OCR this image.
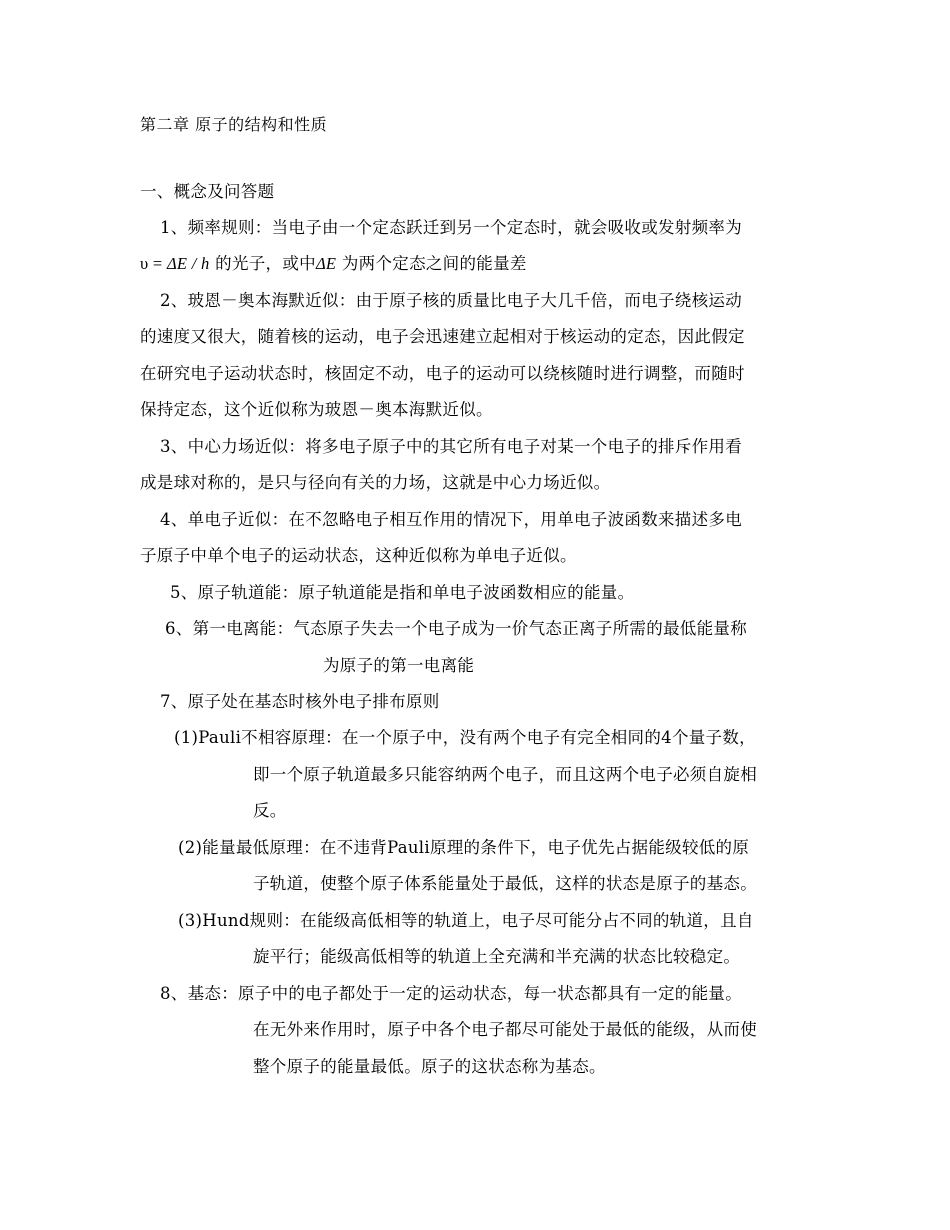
第二章 原子的结构和性质
一、概念及问答题
1、频率规则：当电子由一个定态跃迁到另一个定态时，就会吸收或发射频率为
υ = ΔE / h 的光子，或中ΔE 为两个定态之间的能量差
2、玻恩－奥本海默近似：由于原子核的质量比电子大几千倍，而电子绕核运动
的速度又很大，随着核的运动，电子会迅速建立起相对于核运动的定态，因此假定
在研究电子运动状态时，核固定不动，电子的运动可以绕核随时进行调整，而随时
保持定态，这个近似称为玻恩－奥本海默近似。
3、中心力场近似：将多电子原子中的其它所有电子对某一个电子的排斥作用看
成是球对称的，是只与径向有关的力场，这就是中心力场近似。
4、单电子近似：在不忽略电子相互作用的情况下，用单电子波函数来描述多电
子原子中单个电子的运动状态，这种近似称为单电子近似。
5、原子轨道能：原子轨道能是指和单电子波函数相应的能量。
6、第一电离能：气态原子失去一个电子成为一价气态正离子所需的最低能量称
为原子的第一电离能
7、原子处在基态时核外电子排布原则
(1)Pauli不相容原理：在一个原子中，没有两个电子有完全相同的4个量子数，
即一个原子轨道最多只能容纳两个电子，而且这两个电子必须自旋相
反。
(2)能量最低原理：在不违背Pauli原理的条件下，电子优先占据能级较低的原
子轨道，使整个原子体系能量处于最低，这样的状态是原子的基态。
(3)Hund规则：在能级高低相等的轨道上，电子尽可能分占不同的轨道，且自
旋平行；能级高低相等的轨道上全充满和半充满的状态比较稳定。
8、基态：原子中的电子都处于一定的运动状态，每一状态都具有一定的能量。
在无外来作用时，原子中各个电子都尽可能处于最低的能级，从而使
整个原子的能量最低。原子的这状态称为基态。
